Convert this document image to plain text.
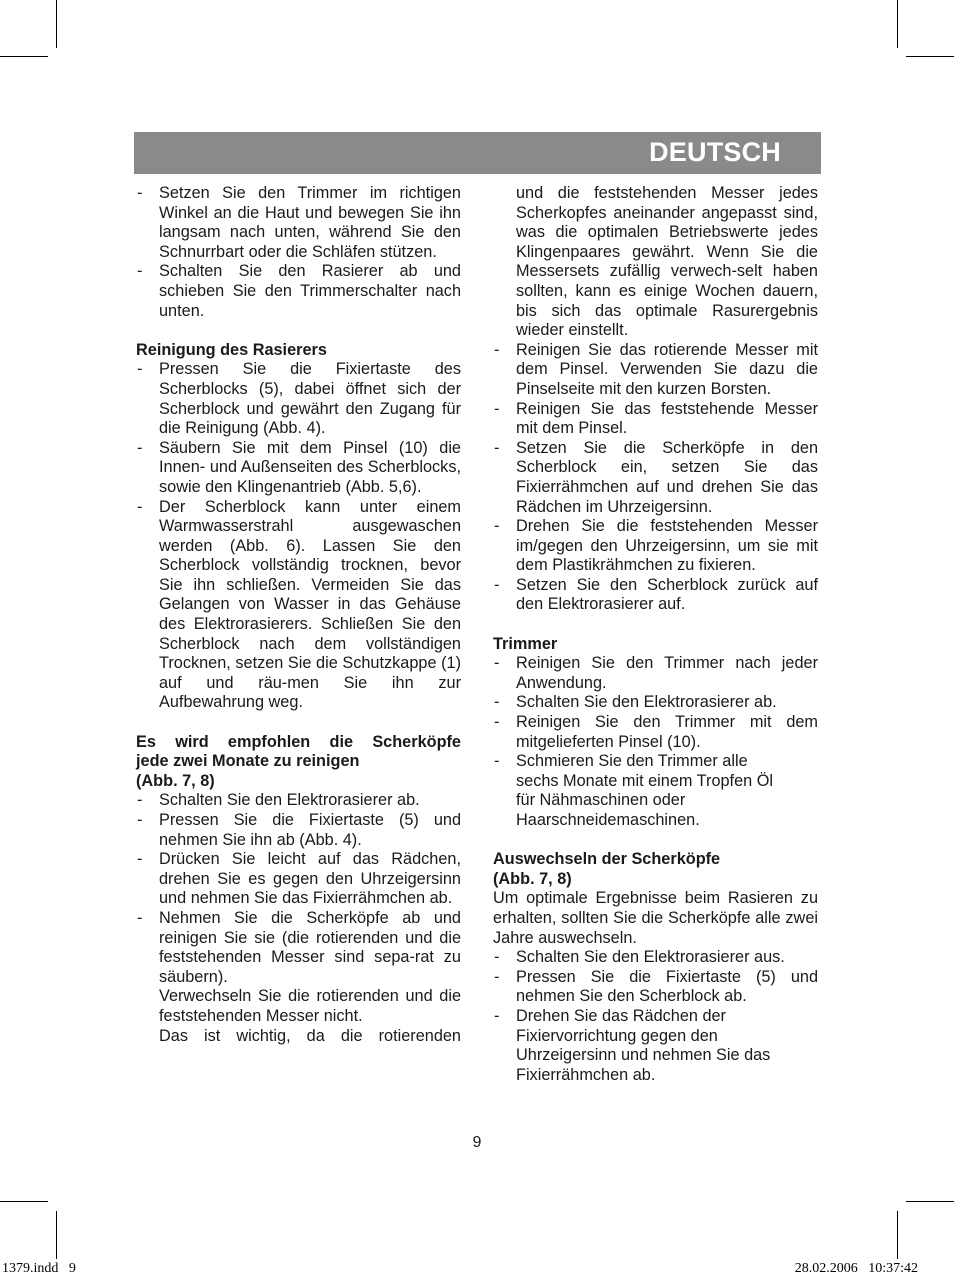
DEUTSCH
- Setzen Sie den Trimmer im richtigen Winkel an die Haut und bewegen Sie ihn langsam nach unten, während Sie den Schnurrbart oder die Schläfen stützen.
- Schalten Sie den Rasierer ab und schieben Sie den Trimmerschalter nach unten.
Reinigung des Rasierers
- Pressen Sie die Fixiertaste des Scherblocks (5), dabei öffnet sich der Scherblock und gewährt den Zugang für die Reinigung (Abb. 4).
- Säubern Sie mit dem Pinsel (10) die Innen- und Außenseiten des Scherblocks, sowie den Klingenantrieb (Abb. 5,6).
- Der Scherblock kann unter einem Warmwasserstrahl ausgewaschen werden (Abb. 6). Lassen Sie den Scherblock vollständig trocknen, bevor Sie ihn schließen. Vermeiden Sie das Gelangen von Wasser in das Gehäuse des Elektrorasierers. Schließen Sie den Scherblock nach dem vollständigen Trocknen, setzen Sie die Schutzkappe (1) auf und räu-men Sie ihn zur Aufbewahrung weg.
Es wird empfohlen die Scherköpfe
jede zwei Monate zu reinigen
(Abb. 7, 8)
- Schalten Sie den Elektrorasierer ab.
- Pressen Sie die Fixiertaste (5) und nehmen Sie ihn ab (Abb. 4).
- Drücken Sie leicht auf das Rädchen, drehen Sie es gegen den Uhrzeigersinn und nehmen Sie das Fixierrähmchen ab.
- Nehmen Sie die Scherköpfe ab und reinigen Sie sie (die rotierenden und die feststehenden Messer sind sepa-rat zu säubern).
Verwechseln Sie die rotierenden und die feststehenden Messer nicht.
Das ist wichtig, da die rotierenden
und die feststehenden Messer jedes Scherkopfes aneinander angepasst sind, was die optimalen Betriebswerte jedes Klingenpaares gewährt. Wenn Sie die Messersets zufällig verwech-selt haben sollten, kann es einige Wochen dauern, bis sich das optimale Rasurergebnis wieder einstellt.
- Reinigen Sie das rotierende Messer mit dem Pinsel. Verwenden Sie dazu die Pinselseite mit den kurzen Borsten.
- Reinigen Sie das feststehende Messer mit dem Pinsel.
- Setzen Sie die Scherköpfe in den Scherblock ein, setzen Sie das Fixierrähmchen auf und drehen Sie das Rädchen im Uhrzeigersinn.
- Drehen Sie die feststehenden Messer im/gegen den Uhrzeigersinn, um sie mit dem Plastikrähmchen zu fixieren.
- Setzen Sie den Scherblock zurück auf den Elektrorasierer auf.
Trimmer
- Reinigen Sie den Trimmer nach jeder Anwendung.
- Schalten Sie den Elektrorasierer ab.
- Reinigen Sie den Trimmer mit dem mitgelieferten Pinsel (10).
- Schmieren Sie den Trimmer alle sechs Monate mit einem Tropfen Öl für Nähmaschinen oder Haarschneidemaschinen.
Auswechseln der Scherköpfe
(Abb. 7, 8)
Um optimale Ergebnisse beim Rasieren zu erhalten, sollten Sie die Scherköpfe alle zwei Jahre auswechseln.
- Schalten Sie den Elektrorasierer aus.
- Pressen Sie die Fixiertaste (5) und nehmen Sie den Scherblock ab.
- Drehen Sie das Rädchen der Fixiervorrichtung gegen den Uhrzeigersinn und nehmen Sie das Fixierrähmchen ab.
9
1379.indd   9	28.02.2006   10:37:42
